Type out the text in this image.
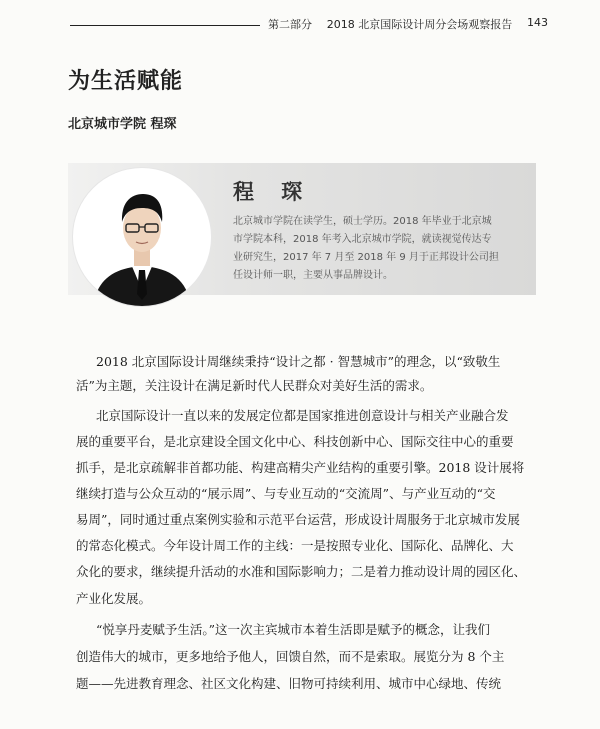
第二部分 2018 北京国际设计周分会场观察报告 143
为生活赋能
北京城市学院 程琛
程 琛
北京城市学院在读学生，硕士学历。2018 年毕业于北京城
市学院本科，2018 年考入北京城市学院，就读视觉传达专
业研究生，2017 年 7 月至 2018 年 9 月于正邦设计公司担
任设计师一职，主要从事品牌设计。
2018 北京国际设计周继续秉持“设计之都 · 智慧城市”的理念，以“致敬生
活”为主题，关注设计在满足新时代人民群众对美好生活的需求。
北京国际设计一直以来的发展定位都是国家推进创意设计与相关产业融合发
展的重要平台，是北京建设全国文化中心、科技创新中心、国际交往中心的重要
抓手，是北京疏解非首都功能、构建高精尖产业结构的重要引擎。2018 设计展将
继续打造与公众互动的“展示周”、与专业互动的“交流周”、与产业互动的“交
易周”，同时通过重点案例实验和示范平台运营，形成设计周服务于北京城市发展
的常态化模式。今年设计周工作的主线：一是按照专业化、国际化、品牌化、大
众化的要求，继续提升活动的水准和国际影响力；二是着力推动设计周的园区化、
产业化发展。
“悦享丹麦赋予生活。”这一次主宾城市本着生活即是赋予的概念，让我们
创造伟大的城市，更多地给予他人，回馈自然，而不是索取。展览分为 8 个主
题——先进教育理念、社区文化构建、旧物可持续利用、城市中心绿地、传统
